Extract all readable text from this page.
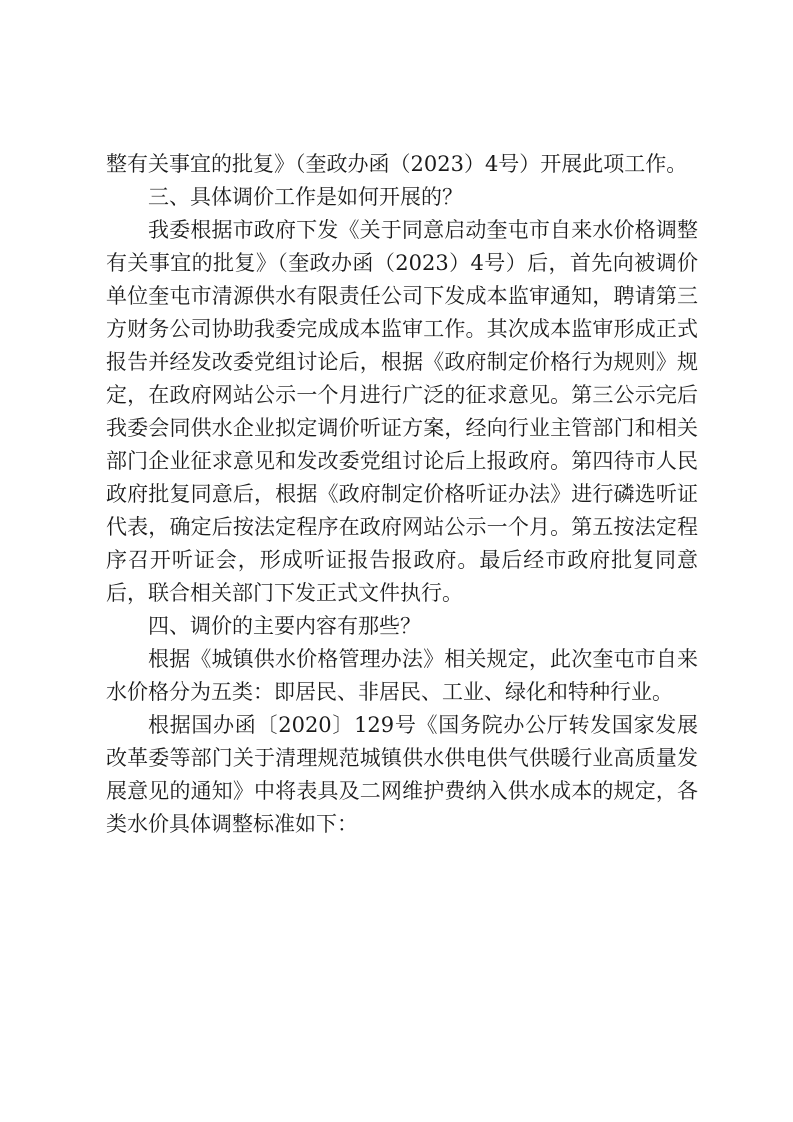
整有关事宜的批复》（奎政办函（2023）4号）开展此项工作。

三、具体调价工作是如何开展的？

我委根据市政府下发《关于同意启动奎屯市自来水价格调整有关事宜的批复》（奎政办函（2023）4号）后，首先向被调价单位奎屯市清源供水有限责任公司下发成本监审通知，聘请第三方财务公司协助我委完成成本监审工作。其次成本监审形成正式报告并经发改委党组讨论后，根据《政府制定价格行为规则》规定，在政府网站公示一个月进行广泛的征求意见。第三公示完后我委会同供水企业拟定调价听证方案，经向行业主管部门和相关部门企业征求意见和发改委党组讨论后上报政府。第四待市人民政府批复同意后，根据《政府制定价格听证办法》进行磷选听证代表，确定后按法定程序在政府网站公示一个月。第五按法定程序召开听证会，形成听证报告报政府。最后经市政府批复同意后，联合相关部门下发正式文件执行。

四、调价的主要内容有那些？

根据《城镇供水价格管理办法》相关规定，此次奎屯市自来水价格分为五类：即居民、非居民、工业、绿化和特种行业。

根据国办函〔2020〕129号《国务院办公厅转发国家发展改革委等部门关于清理规范城镇供水供电供气供暖行业高质量发展意见的通知》中将表具及二网维护费纳入供水成本的规定，各类水价具体调整标准如下：
